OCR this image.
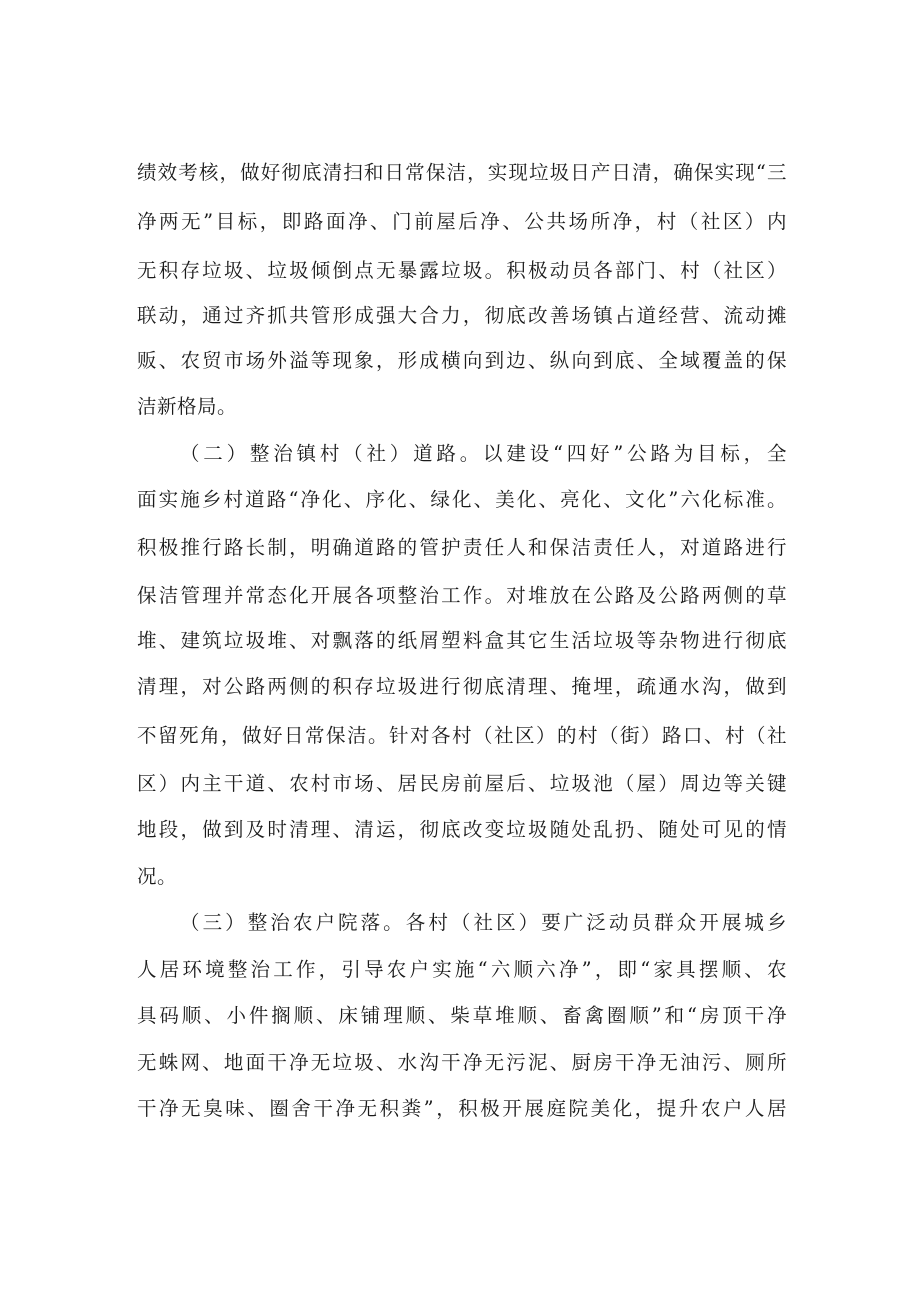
绩效考核，做好彻底清扫和日常保洁，实现垃圾日产日清，确保实现“三
净两无”目标，即路面净、门前屋后净、公共场所净，村（社区）内
无积存垃圾、垃圾倾倒点无暴露垃圾。积极动员各部门、村（社区）
联动，通过齐抓共管形成强大合力，彻底改善场镇占道经营、流动摊
贩、农贸市场外溢等现象，形成横向到边、纵向到底、全域覆盖的保
洁新格局。
（二）整治镇村（社）道路。以建设“四好”公路为目标，全
面实施乡村道路“净化、序化、绿化、美化、亮化、文化”六化标准。
积极推行路长制，明确道路的管护责任人和保洁责任人，对道路进行
保洁管理并常态化开展各项整治工作。对堆放在公路及公路两侧的草
堆、建筑垃圾堆、对飘落的纸屑塑料盒其它生活垃圾等杂物进行彻底
清理，对公路两侧的积存垃圾进行彻底清理、掩埋，疏通水沟，做到
不留死角，做好日常保洁。针对各村（社区）的村（街）路口、村（社
区）内主干道、农村市场、居民房前屋后、垃圾池（屋）周边等关键
地段，做到及时清理、清运，彻底改变垃圾随处乱扔、随处可见的情
况。
（三）整治农户院落。各村（社区）要广泛动员群众开展城乡
人居环境整治工作，引导农户实施“六顺六净”，即“家具摆顺、农
具码顺、小件搁顺、床铺理顺、柴草堆顺、畜禽圈顺”和“房顶干净
无蛛网、地面干净无垃圾、水沟干净无污泥、厨房干净无油污、厕所
干净无臭味、圈舍干净无积粪”，积极开展庭院美化，提升农户人居
